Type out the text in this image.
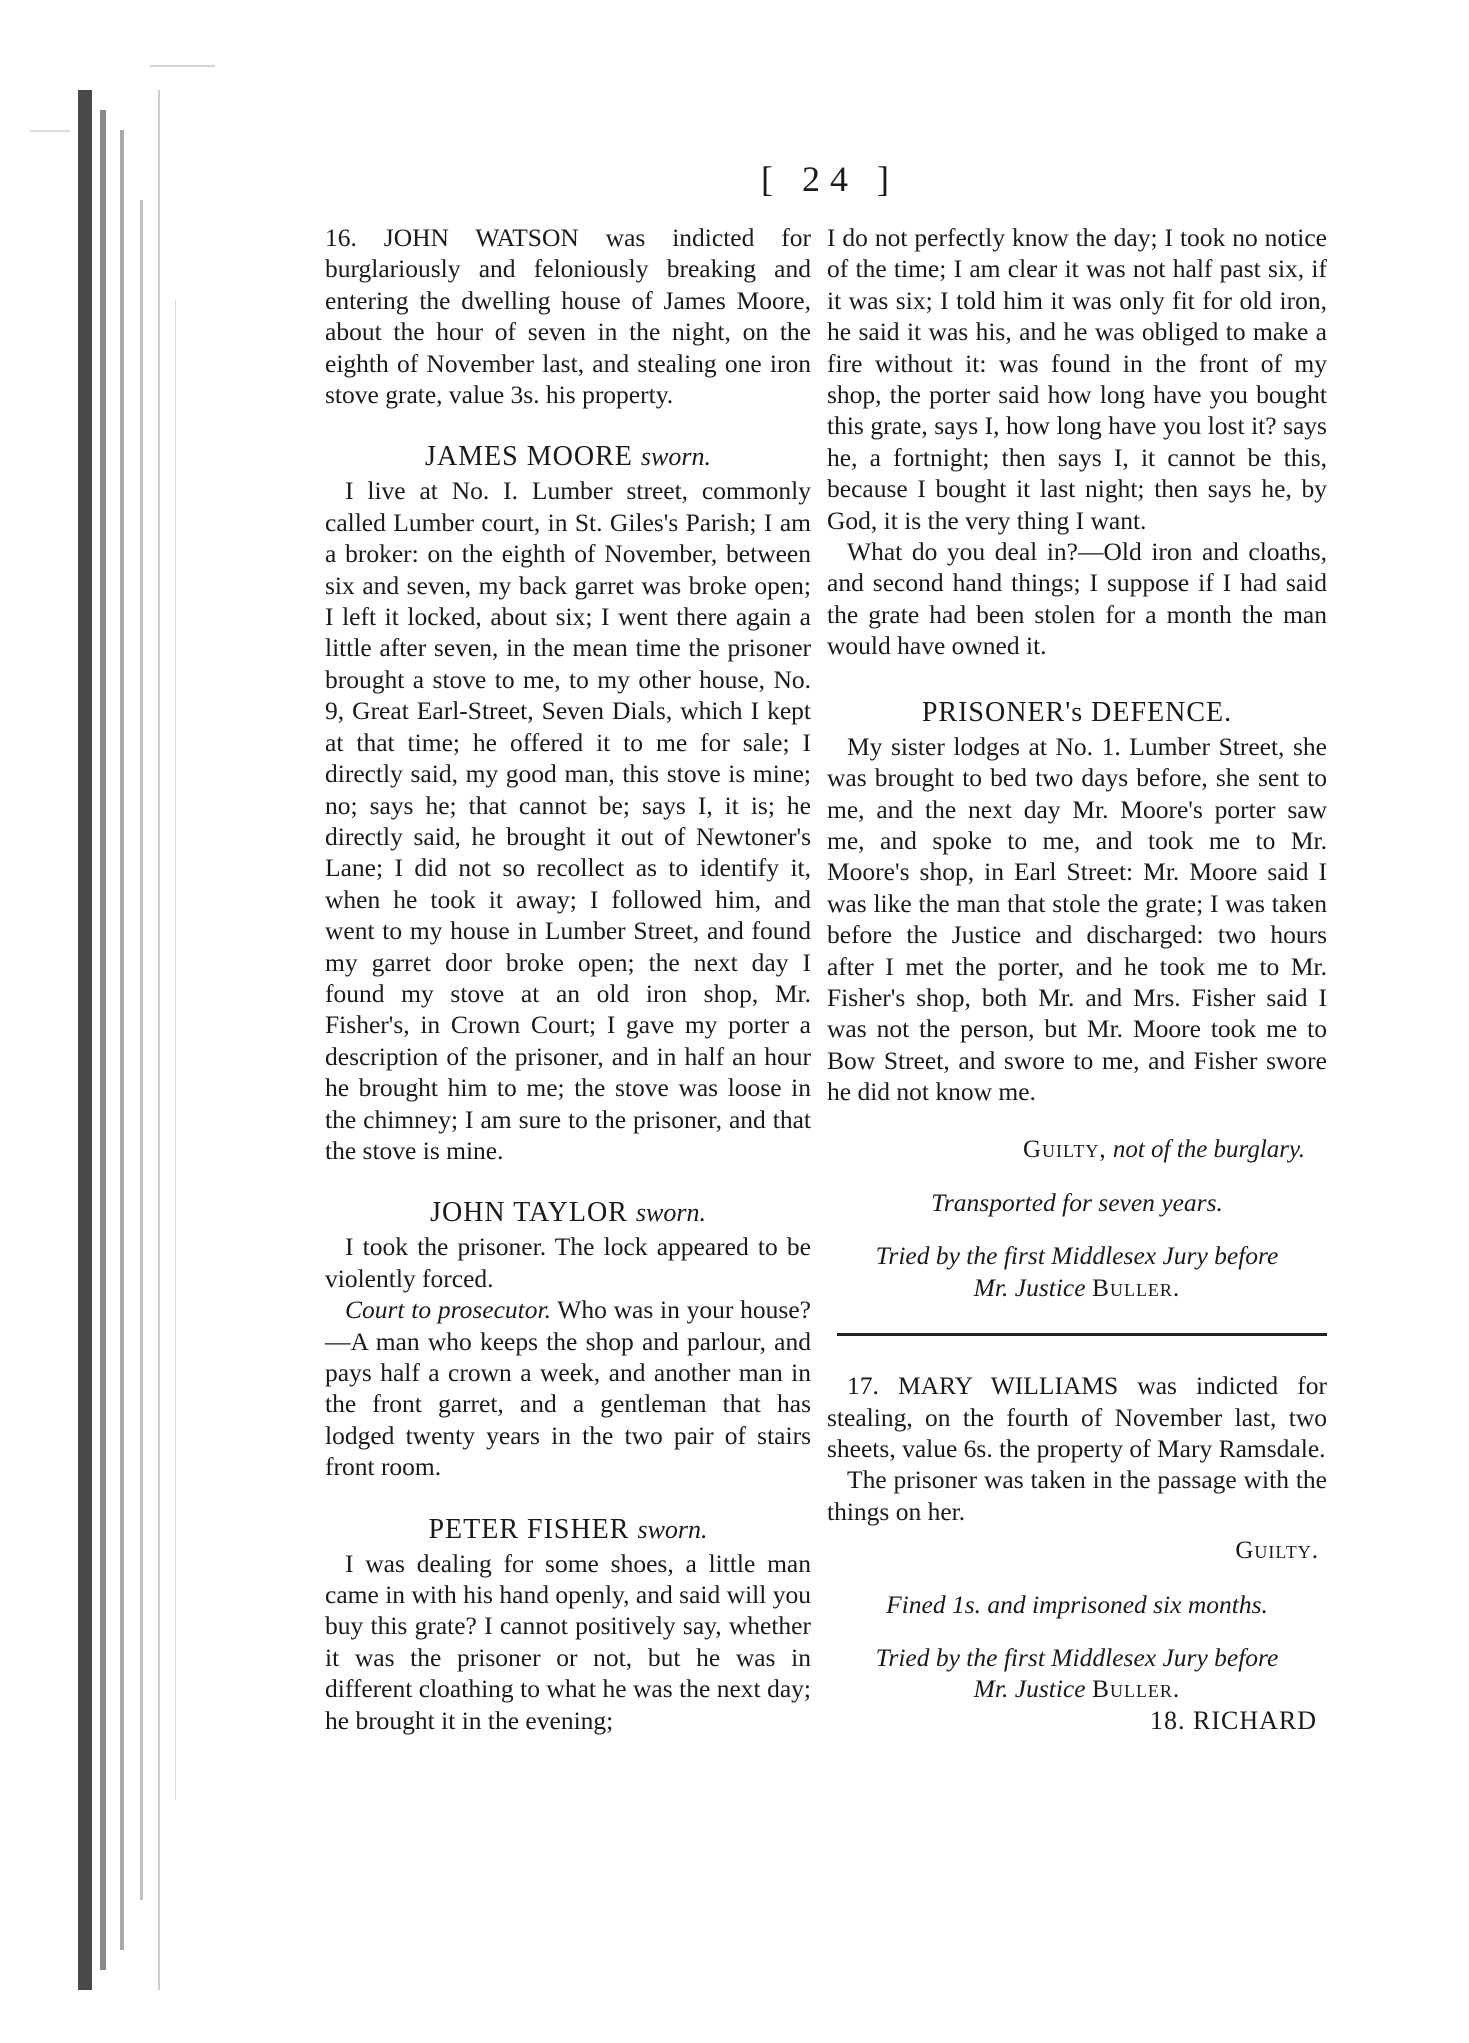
[ 24 ]

16. JOHN WATSON was indicted for burglariously and feloniously breaking and entering the dwelling house of James Moore, about the hour of seven in the night, on the eighth of November last, and stealing one iron stove grate, value 3s. his property.

JAMES MOORE sworn.

I live at No. I. Lumber street, commonly called Lumber court, in St. Giles's Parish; I am a broker: on the eighth of November, between six and seven, my back garret was broke open; I left it locked, about six; I went there again a little after seven, in the mean time the prisoner brought a stove to me, to my other house, No. 9, Great Earl-Street, Seven Dials, which I kept at that time; he offered it to me for sale; I directly said, my good man, this stove is mine; no; says he; that cannot be; says I, it is; he directly said, he brought it out of Newtoner's Lane; I did not so recollect as to identify it, when he took it away; I followed him, and went to my house in Lumber Street, and found my garret door broke open; the next day I found my stove at an old iron shop, Mr. Fisher's, in Crown Court; I gave my porter a description of the prisoner, and in half an hour he brought him to me; the stove was loose in the chimney; I am sure to the prisoner, and that the stove is mine.

JOHN TAYLOR sworn.

I took the prisoner. The lock appeared to be violently forced.

Court to prosecutor. Who was in your house?—A man who keeps the shop and parlour, and pays half a crown a week, and another man in the front garret, and a gentleman that has lodged twenty years in the two pair of stairs front room.

PETER FISHER sworn.

I was dealing for some shoes, a little man came in with his hand openly, and said will you buy this grate? I cannot positively say, whether it was the prisoner or not, but he was in different cloathing to what he was the next day; he brought it in the evening;

I do not perfectly know the day; I took no notice of the time; I am clear it was not half past six, if it was six; I told him it was only fit for old iron, he said it was his, and he was obliged to make a fire without it: was found in the front of my shop, the porter said how long have you bought this grate, says I, how long have you lost it? says he, a fortnight; then says I, it cannot be this, because I bought it last night; then says he, by God, it is the very thing I want.

What do you deal in?—Old iron and cloaths, and second hand things; I suppose if I had said the grate had been stolen for a month the man would have owned it.

PRISONER's DEFENCE.

My sister lodges at No. 1. Lumber Street, she was brought to bed two days before, she sent to me, and the next day Mr. Moore's porter saw me, and spoke to me, and took me to Mr. Moore's shop, in Earl Street: Mr. Moore said I was like the man that stole the grate; I was taken before the Justice and discharged: two hours after I met the porter, and he took me to Mr. Fisher's shop, both Mr. and Mrs. Fisher said I was not the person, but Mr. Moore took me to Bow Street, and swore to me, and Fisher swore he did not know me.

Guilty, not of the burglary.
Transported for seven years.
Tried by the first Middlesex Jury before
Mr. Justice Buller.

17. MARY WILLIAMS was indicted for stealing, on the fourth of November last, two sheets, value 6s. the property of Mary Ramsdale.

The prisoner was taken in the passage with the things on her.

Guilty.
Fined 1s. and imprisoned six months.
Tried by the first Middlesex Jury before
Mr. Justice Buller.
18. RICHARD
